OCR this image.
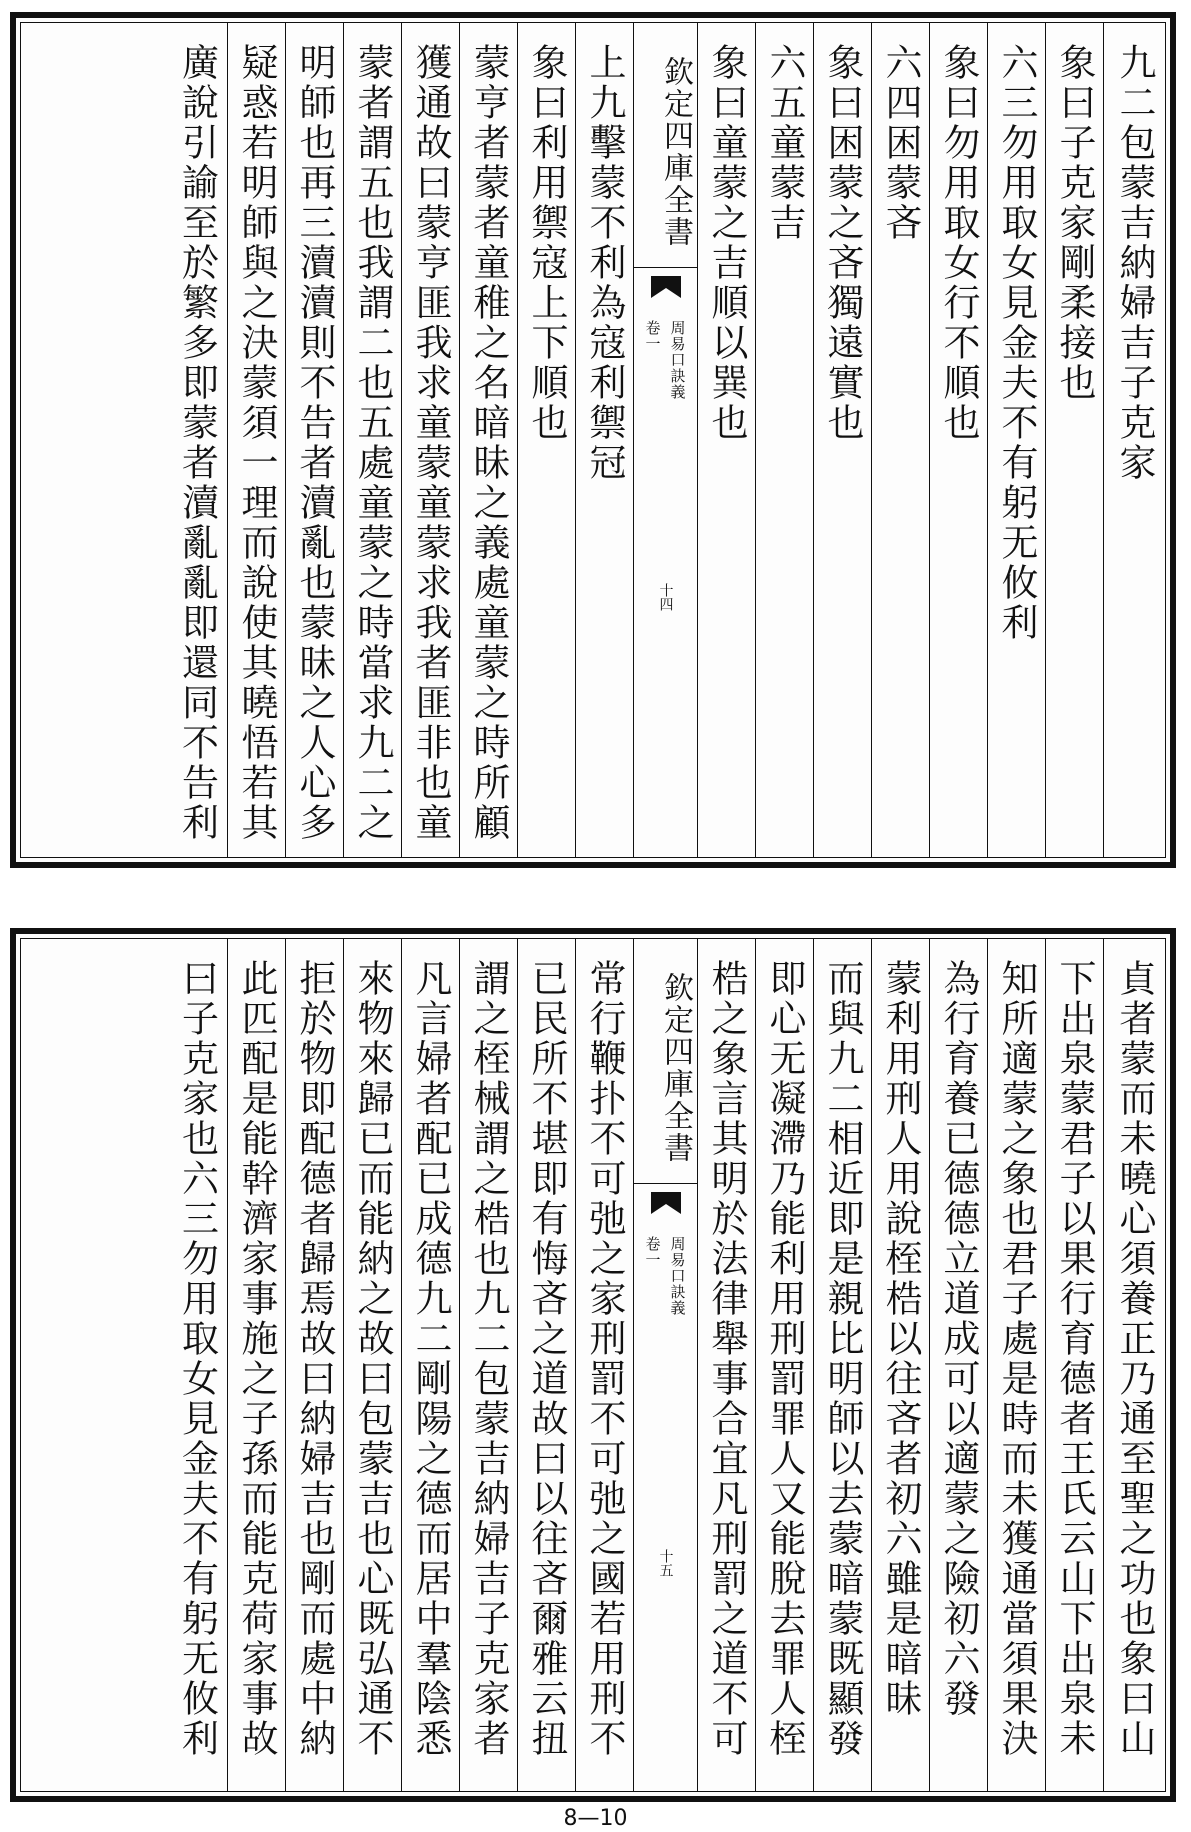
九二包蒙吉納婦吉子克家
象曰子克家剛柔接也
六三勿用取女見金夫不有躬无攸利
象曰勿用取女行不順也
六四困蒙吝
象曰困蒙之吝獨遠實也
六五童蒙吉
象曰童蒙之吉順以巽也
欽定四庫全書
周易口訣義
卷一
十四
上九擊蒙不利為寇利禦冠
象曰利用禦寇上下順也
蒙亨者蒙者童稚之名暗昧之義處童蒙之時所顧
獲通故曰蒙亨匪我求童蒙童蒙求我者匪非也童
蒙者謂五也我謂二也五處童蒙之時當求九二之
明師也再三瀆瀆則不告者瀆亂也蒙昧之人心多
疑惑若明師與之決蒙須一理而說使其曉悟若其
廣說引諭至於繁多即蒙者瀆亂亂即還同不告利
貞者蒙而未曉心須養正乃通至聖之功也象曰山
下出泉蒙君子以果行育德者王氏云山下出泉未
知所適蒙之象也君子處是時而未獲通當須果決
為行育養已德德立道成可以適蒙之險初六發
蒙利用刑人用說桎梏以往吝者初六雖是暗昧
而與九二相近即是親比明師以去蒙暗蒙既顯發
即心无凝滯乃能利用刑罰罪人又能脫去罪人桎
梏之象言其明於法律舉事合宜凡刑罰之道不可
欽定四庫全書
周易口訣義
卷一
十五
常行鞭扑不可弛之家刑罰不可弛之國若用刑不
已民所不堪即有悔吝之道故曰以往吝爾雅云扭
謂之桎械謂之梏也九二包蒙吉納婦吉子克家者
凡言婦者配已成德九二剛陽之德而居中羣陰悉
來物來歸已而能納之故曰包蒙吉也心既弘通不
拒於物即配德者歸焉故曰納婦吉也剛而處中納
此匹配是能幹濟家事施之子孫而能克荷家事故
曰子克家也六三勿用取女見金夫不有躬无攸利
8—10
